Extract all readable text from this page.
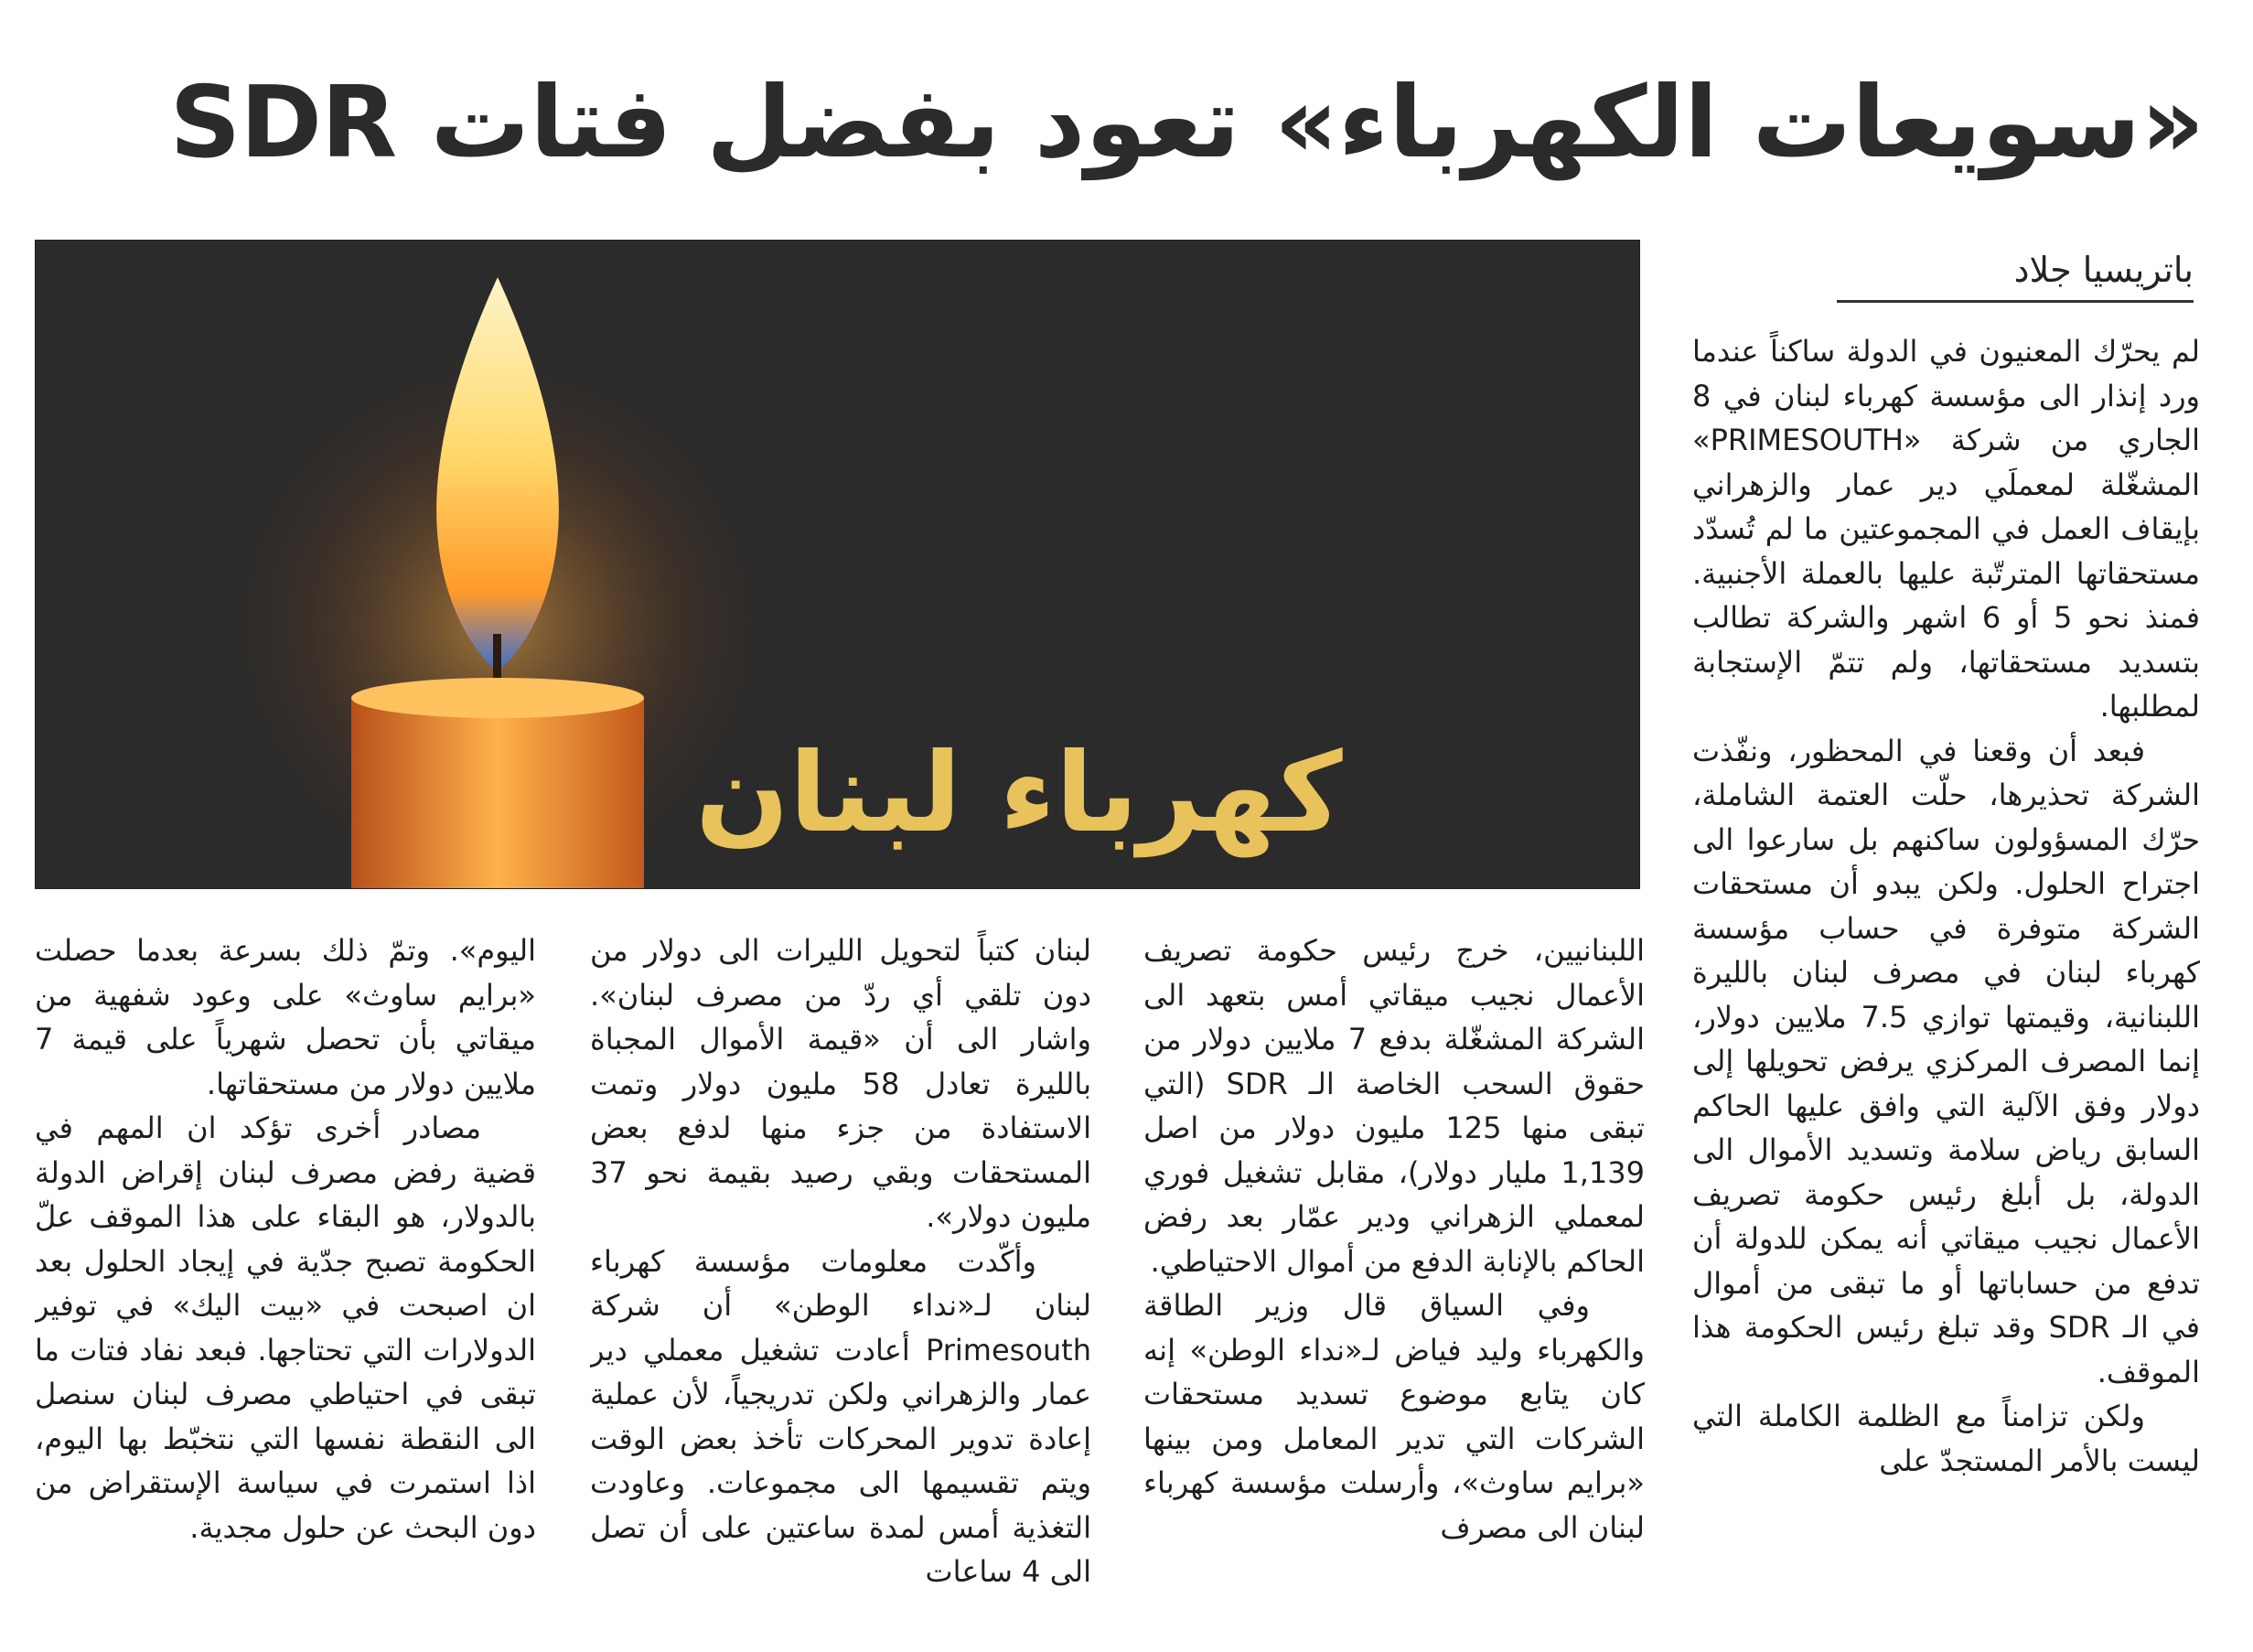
«سويعات الكهرباء» تعود بفضل فتات SDR
باتريسيا جلاد
كهرباء لبنان

لم يحرّك المعنيون في الدولة ساكناً عندما ورد إنذار الى مؤسسة كهرباء لبنان في 8 الجاري من شركة «PRIMESOUTH» المشغّلة لمعملَي دير عمار والزهراني بإيقاف العمل في المجموعتين ما لم تُسدّد مستحقاتها المترتّبة عليها بالعملة الأجنبية. فمنذ نحو 5 أو 6 اشهر والشركة تطالب بتسديد مستحقاتها، ولم تتمّ الإستجابة لمطلبها.

فبعد أن وقعنا في المحظور، ونفّذت الشركة تحذيرها، حلّت العتمة الشاملة، حرّك المسؤولون ساكنهم بل سارعوا الى اجتراح الحلول. ولكن يبدو أن مستحقات الشركة متوفرة في حساب مؤسسة كهرباء لبنان في مصرف لبنان بالليرة اللبنانية، وقيمتها توازي 7.5 ملايين دولار، إنما المصرف المركزي يرفض تحويلها إلى دولار وفق الآلية التي وافق عليها الحاكم السابق رياض سلامة وتسديد الأموال الى الدولة، بل أبلغ رئيس حكومة تصريف الأعمال نجيب ميقاتي أنه يمكن للدولة أن تدفع من حساباتها أو ما تبقى من أموال في الـ SDR وقد تبلغ رئيس الحكومة هذا الموقف.

ولكن تزامناً مع الظلمة الكاملة التي ليست بالأمر المستجدّ على

اللبنانيين، خرج رئيس حكومة تصريف الأعمال نجيب ميقاتي أمس بتعهد الى الشركة المشغّلة بدفع 7 ملايين دولار من حقوق السحب الخاصة الـ SDR (التي تبقى منها 125 مليون دولار من اصل 1,139 مليار دولار)، مقابل تشغيل فوري لمعملي الزهراني ودير عمّار بعد رفض الحاكم بالإنابة الدفع من أموال الاحتياطي.

وفي السياق قال وزير الطاقة والكهرباء وليد فياض لـ«نداء الوطن» إنه كان يتابع موضوع تسديد مستحقات الشركات التي تدير المعامل ومن بينها «برايم ساوث»، وأرسلت مؤسسة كهرباء لبنان الى مصرف

لبنان كتباً لتحويل الليرات الى دولار من دون تلقي أي ردّ من مصرف لبنان». واشار الى أن «قيمة الأموال المجباة بالليرة تعادل 58 مليون دولار وتمت الاستفادة من جزء منها لدفع بعض المستحقات وبقي رصيد بقيمة نحو 37 مليون دولار».

وأكّدت معلومات مؤسسة كهرباء لبنان لـ«نداء الوطن» أن شركة Primesouth أعادت تشغيل معملي دير عمار والزهراني ولكن تدريجياً، لأن عملية إعادة تدوير المحركات تأخذ بعض الوقت ويتم تقسيمها الى مجموعات. وعاودت التغذية أمس لمدة ساعتين على أن تصل الى 4 ساعات

اليوم». وتمّ ذلك بسرعة بعدما حصلت «برايم ساوث» على وعود شفهية من ميقاتي بأن تحصل شهرياً على قيمة 7 ملايين دولار من مستحقاتها.

مصادر أخرى تؤكد ان المهم في قضية رفض مصرف لبنان إقراض الدولة بالدولار، هو البقاء على هذا الموقف علّ الحكومة تصبح جدّية في إيجاد الحلول بعد ان اصبحت في «بيت اليك» في توفير الدولارات التي تحتاجها. فبعد نفاد فتات ما تبقى في احتياطي مصرف لبنان سنصل الى النقطة نفسها التي نتخبّط بها اليوم، اذا استمرت في سياسة الإستقراض من دون البحث عن حلول مجدية.
